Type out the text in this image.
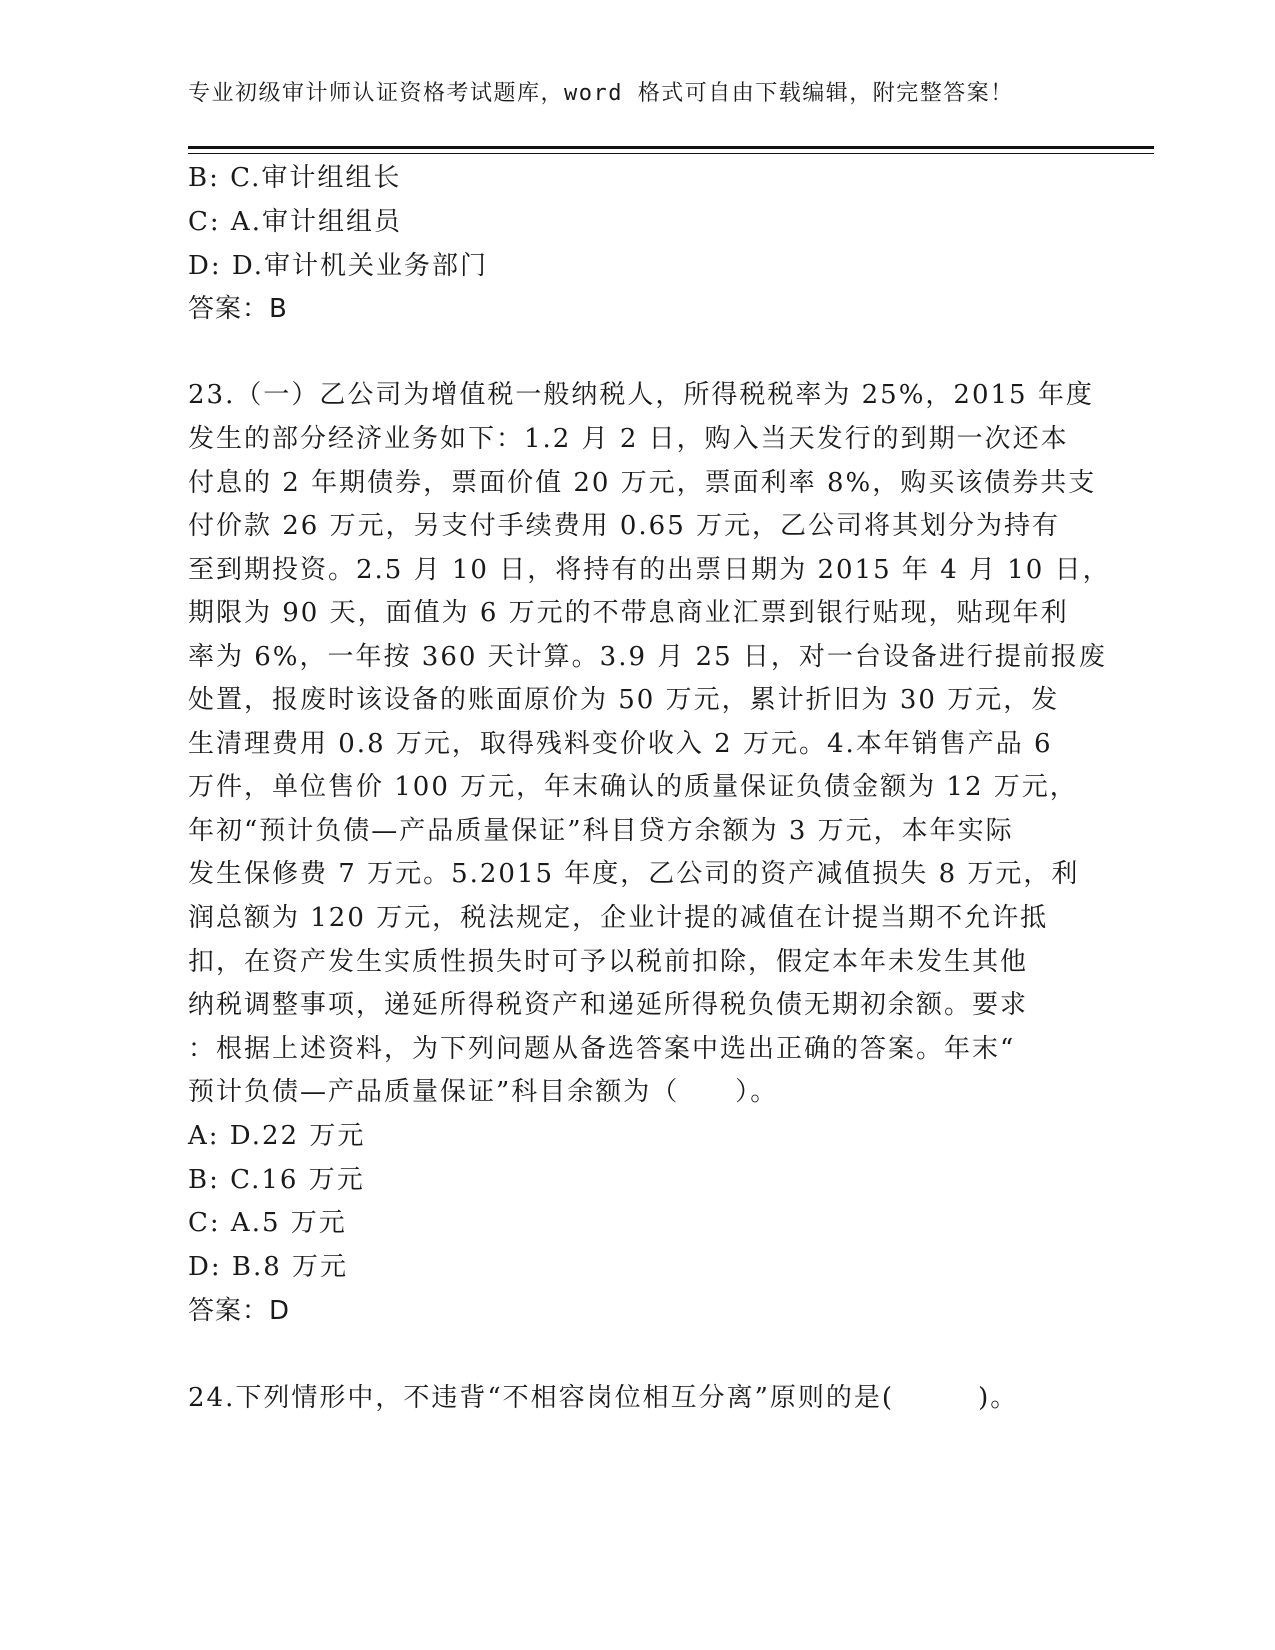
专业初级审计师认证资格考试题库，word 格式可自由下载编辑，附完整答案！
B: C.审计组组长
C: A.审计组组员
D: D.审计机关业务部门
答案：B
23.（一）乙公司为增值税一般纳税人，所得税税率为 25%，2015 年度
发生的部分经济业务如下：1.2 月 2 日，购入当天发行的到期一次还本
付息的 2 年期债券，票面价值 20 万元，票面利率 8%，购买该债券共支
付价款 26 万元，另支付手续费用 0.65 万元，乙公司将其划分为持有
至到期投资。2.5 月 10 日，将持有的出票日期为 2015 年 4 月 10 日，
期限为 90 天，面值为 6 万元的不带息商业汇票到银行贴现，贴现年利
率为 6%，一年按 360 天计算。3.9 月 25 日，对一台设备进行提前报废
处置，报废时该设备的账面原价为 50 万元，累计折旧为 30 万元，发
生清理费用 0.8 万元，取得残料变价收入 2 万元。4.本年销售产品 6
万件，单位售价 100 万元，年末确认的质量保证负债金额为 12 万元，
年初“预计负债—产品质量保证”科目贷方余额为 3 万元，本年实际
发生保修费 7 万元。5.2015 年度，乙公司的资产减值损失 8 万元，利
润总额为 120 万元，税法规定，企业计提的减值在计提当期不允许抵
扣，在资产发生实质性损失时可予以税前扣除，假定本年未发生其他
纳税调整事项，递延所得税资产和递延所得税负债无期初余额。要求
：根据上述资料，为下列问题从备选答案中选出正确的答案。年末“
预计负债—产品质量保证”科目余额为（　　）。
A: D.22 万元
B: C.16 万元
C: A.5 万元
D: B.8 万元
答案：D
24.下列情形中，不违背“不相容岗位相互分离”原则的是(　　　)。
